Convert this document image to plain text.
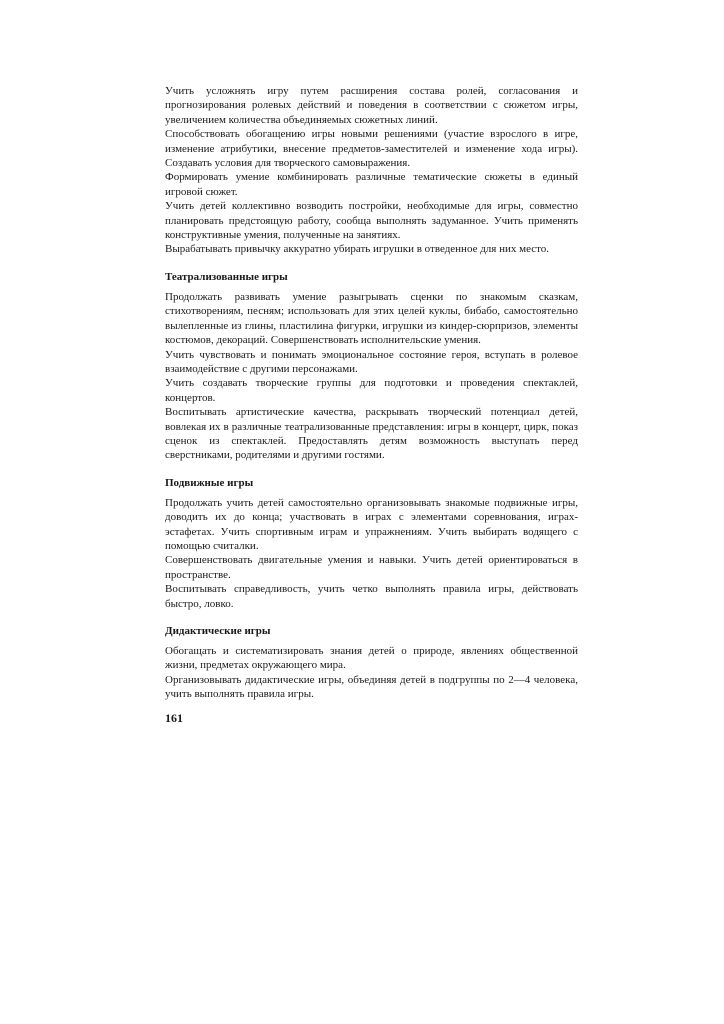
Учить усложнять игру путем расширения состава ролей, согласования и прогнозирования ролевых действий и поведения в соответствии с сюжетом игры, увеличением количества объединяемых сюжетных линий.

Способствовать обогащению игры новыми решениями (участие взрослого в игре, изменение атрибутики, внесение предметов-заместителей и изменение хода игры). Создавать условия для творческого самовыражения.

Формировать умение комбинировать различные тематические сюжеты в единый игровой сюжет.

Учить детей коллективно возводить постройки, необходимые для игры, совместно планировать предстоящую работу, сообща выполнять задуманное. Учить применять конструктивные умения, полученные на занятиях.

Вырабатывать привычку аккуратно убирать игрушки в отведенное для них место.

Театрализованные игры

Продолжать развивать умение разыгрывать сценки по знакомым сказкам, стихотворениям, песням; использовать для этих целей куклы, бибабо, самостоятельно вылепленные из глины, пластилина фигурки, игрушки из киндер-сюрпризов, элементы костюмов, декораций. Совершенствовать исполнительские умения.

Учить чувствовать и понимать эмоциональное состояние героя, вступать в ролевое взаимодействие с другими персонажами.

Учить создавать творческие группы для подготовки и проведения спектаклей, концертов.

Воспитывать артистические качества, раскрывать творческий потенциал детей, вовлекая их в различные театрализованные представления: игры в концерт, цирк, показ сценок из спектаклей. Предоставлять детям возможность выступать перед сверстниками, родителями и другими гостями.

Подвижные игры

Продолжать учить детей самостоятельно организовывать знакомые подвижные игры, доводить их до конца; участвовать в играх с элементами соревнования, играх-эстафетах. Учить спортивным играм и упражнениям. Учить выбирать водящего с помощью считалки.

Совершенствовать двигательные умения и навыки. Учить детей ориентироваться в пространстве.

Воспитывать справедливость, учить четко выполнять правила игры, действовать быстро, ловко.

Дидактические игры

Обогащать и систематизировать знания детей о природе, явлениях общественной жизни, предметах окружающего мира.

Организовывать дидактические игры, объединяя детей в подгруппы по 2—4 человека, учить выполнять правила игры.

161
